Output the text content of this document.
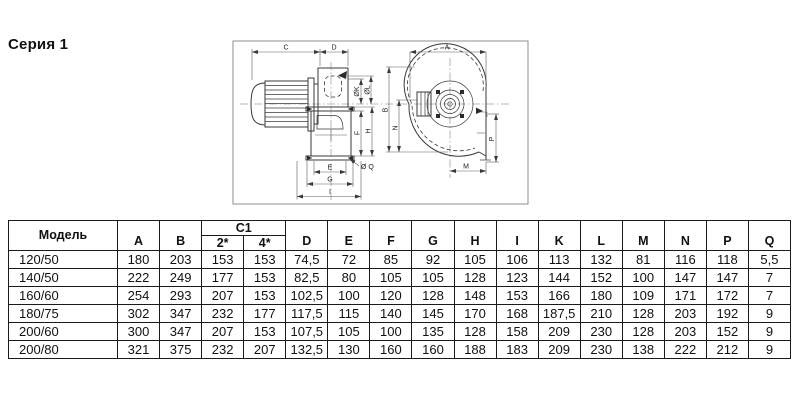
Серия 1	C	D
ØK ØL
F H
E
G
I
Ø Q
A
B
N
P
M
Модель	A	B	C1		D	E	F	G	H	I	K	L	M	N	P	Q
			2*	4*												
120/50	180	203	153	153	74,5	72	85	92	105	106	113	132	81	116	118	5,5
140/50	222	249	177	153	82,5	80	105	105	128	123	144	152	100	147	147	7
160/60	254	293	207	153	102,5	100	120	128	148	153	166	180	109	171	172	7
180/75	302	347	232	177	117,5	115	140	145	170	168	187,5	210	128	203	192	9
200/60	300	347	207	153	107,5	105	100	135	128	158	209	230	128	203	152	9
200/80	321	375	232	207	132,5	130	160	160	188	183	209	230	138	222	212	9
